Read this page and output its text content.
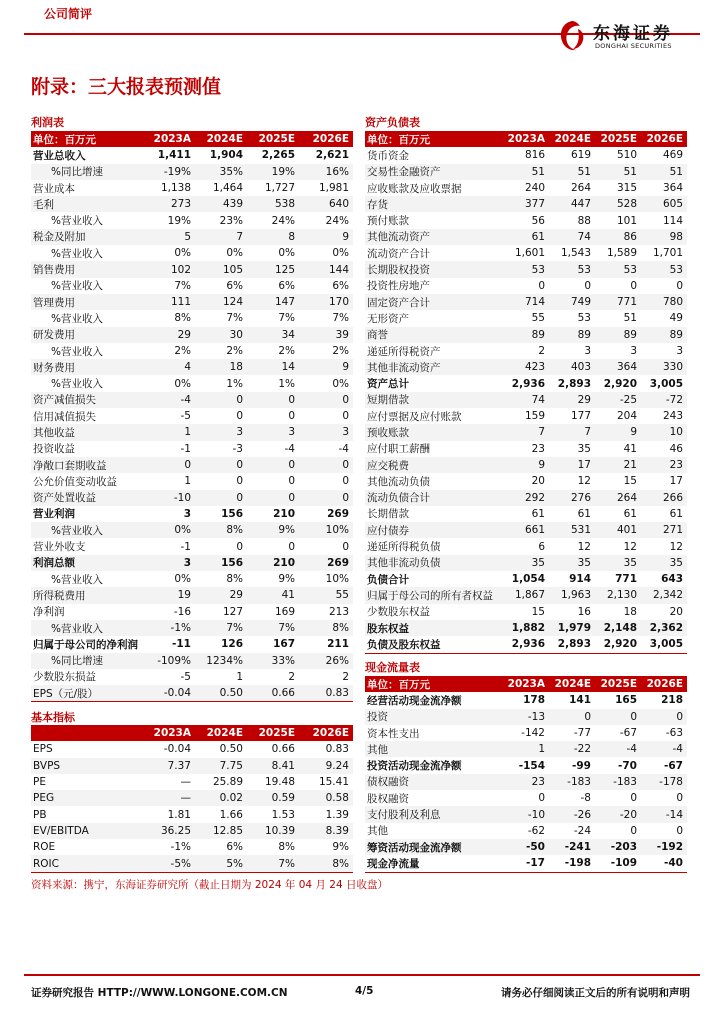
公司简评
东海证券
DONGHAI SECURITIES
附录：三大报表预测值
利润表
单位：百万元	2023A	2024E	2025E	2026E
营业总收入	1,411	1,904	2,265	2,621
%同比增速	-19%	35%	19%	16%
营业成本	1,138	1,464	1,727	1,981
毛利	273	439	538	640
%营业收入	19%	23%	24%	24%
税金及附加	5	7	8	9
%营业收入	0%	0%	0%	0%
销售费用	102	105	125	144
%营业收入	7%	6%	6%	6%
管理费用	111	124	147	170
%营业收入	8%	7%	7%	7%
研发费用	29	30	34	39
%营业收入	2%	2%	2%	2%
财务费用	4	18	14	9
%营业收入	0%	1%	1%	0%
资产减值损失	-4	0	0	0
信用减值损失	-5	0	0	0
其他收益	1	3	3	3
投资收益	-1	-3	-4	-4
净敞口套期收益	0	0	0	0
公允价值变动收益	1	0	0	0
资产处置收益	-10	0	0	0
营业利润	3	156	210	269
%营业收入	0%	8%	9%	10%
营业外收支	-1	0	0	0
利润总额	3	156	210	269
%营业收入	0%	8%	9%	10%
所得税费用	19	29	41	55
净利润	-16	127	169	213
%营业收入	-1%	7%	7%	8%
归属于母公司的净利润	-11	126	167	211
%同比增速	-109%	1234%	33%	26%
少数股东损益	-5	1	2	2
EPS（元/股）	-0.04	0.50	0.66	0.83
基本指标
	2023A	2024E	2025E	2026E
EPS	-0.04	0.50	0.66	0.83
BVPS	7.37	7.75	8.41	9.24
PE	—	25.89	19.48	15.41
PEG	—	0.02	0.59	0.58
PB	1.81	1.66	1.53	1.39
EV/EBITDA	36.25	12.85	10.39	8.39
ROE	-1%	6%	8%	9%
ROIC	-5%	5%	7%	8%
资产负债表
单位：百万元	2023A	2024E	2025E	2026E
货币资金	816	619	510	469
交易性金融资产	51	51	51	51
应收账款及应收票据	240	264	315	364
存货	377	447	528	605
预付账款	56	88	101	114
其他流动资产	61	74	86	98
流动资产合计	1,601	1,543	1,589	1,701
长期股权投资	53	53	53	53
投资性房地产	0	0	0	0
固定资产合计	714	749	771	780
无形资产	55	53	51	49
商誉	89	89	89	89
递延所得税资产	2	3	3	3
其他非流动资产	423	403	364	330
资产总计	2,936	2,893	2,920	3,005
短期借款	74	29	-25	-72
应付票据及应付账款	159	177	204	243
预收账款	7	7	9	10
应付职工薪酬	23	35	41	46
应交税费	9	17	21	23
其他流动负债	20	12	15	17
流动负债合计	292	276	264	266
长期借款	61	61	61	61
应付债券	661	531	401	271
递延所得税负债	6	12	12	12
其他非流动负债	35	35	35	35
负债合计	1,054	914	771	643
归属于母公司的所有者权益	1,867	1,963	2,130	2,342
少数股东权益	15	16	18	20
股东权益	1,882	1,979	2,148	2,362
负债及股东权益	2,936	2,893	2,920	3,005
现金流量表
单位：百万元	2023A	2024E	2025E	2026E
经营活动现金流净额	178	141	165	218
投资	-13	0	0	0
资本性支出	-142	-77	-67	-63
其他	1	-22	-4	-4
投资活动现金流净额	-154	-99	-70	-67
债权融资	23	-183	-183	-178
股权融资	0	-8	0	0
支付股利及利息	-10	-26	-20	-14
其他	-62	-24	0	0
筹资活动现金流净额	-50	-241	-203	-192
现金净流量	-17	-198	-109	-40
资料来源：携宁，东海证券研究所（截止日期为 2024 年 04 月 24 日收盘）
证券研究报告 HTTP://WWW.LONGONE.COM.CN	4/5	请务必仔细阅读正文后的所有说明和声明
